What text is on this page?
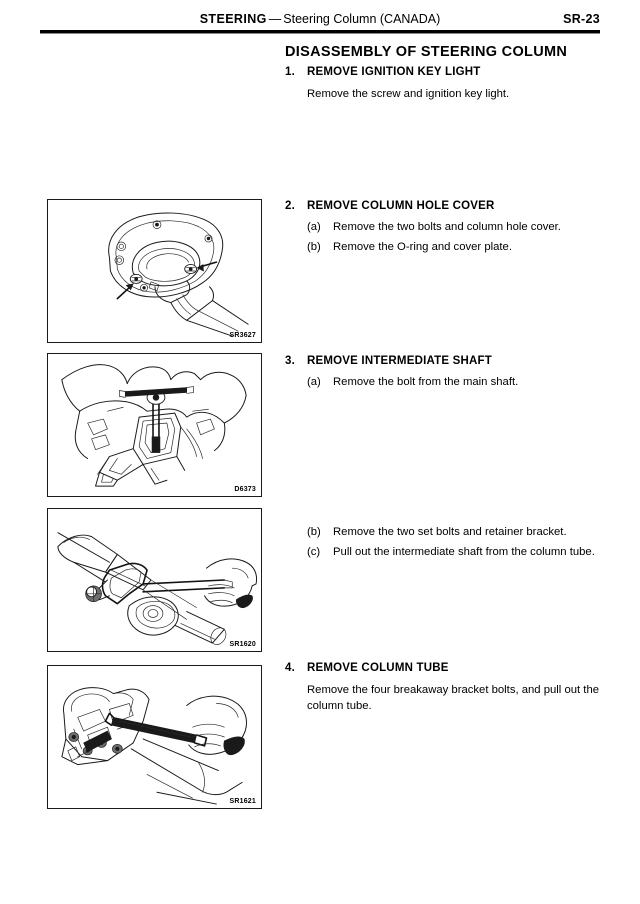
STEERING — Steering Column (CANADA)	SR-23
DISASSEMBLY OF STEERING COLUMN
1. REMOVE IGNITION KEY LIGHT
Remove the screw and ignition key light.
2. REMOVE COLUMN HOLE COVER
(a)	Remove the two bolts and column hole cover.
(b)	Remove the O-ring and cover plate.
3. REMOVE INTERMEDIATE SHAFT
(a)	Remove the bolt from the main shaft.
(b)	Remove the two set bolts and retainer bracket.
(c)	Pull out the intermediate shaft from the column tube.
4. REMOVE COLUMN TUBE
Remove the four breakaway bracket bolts, and pull out the column tube.
SR3627
D6373
SR1620
SR1621
